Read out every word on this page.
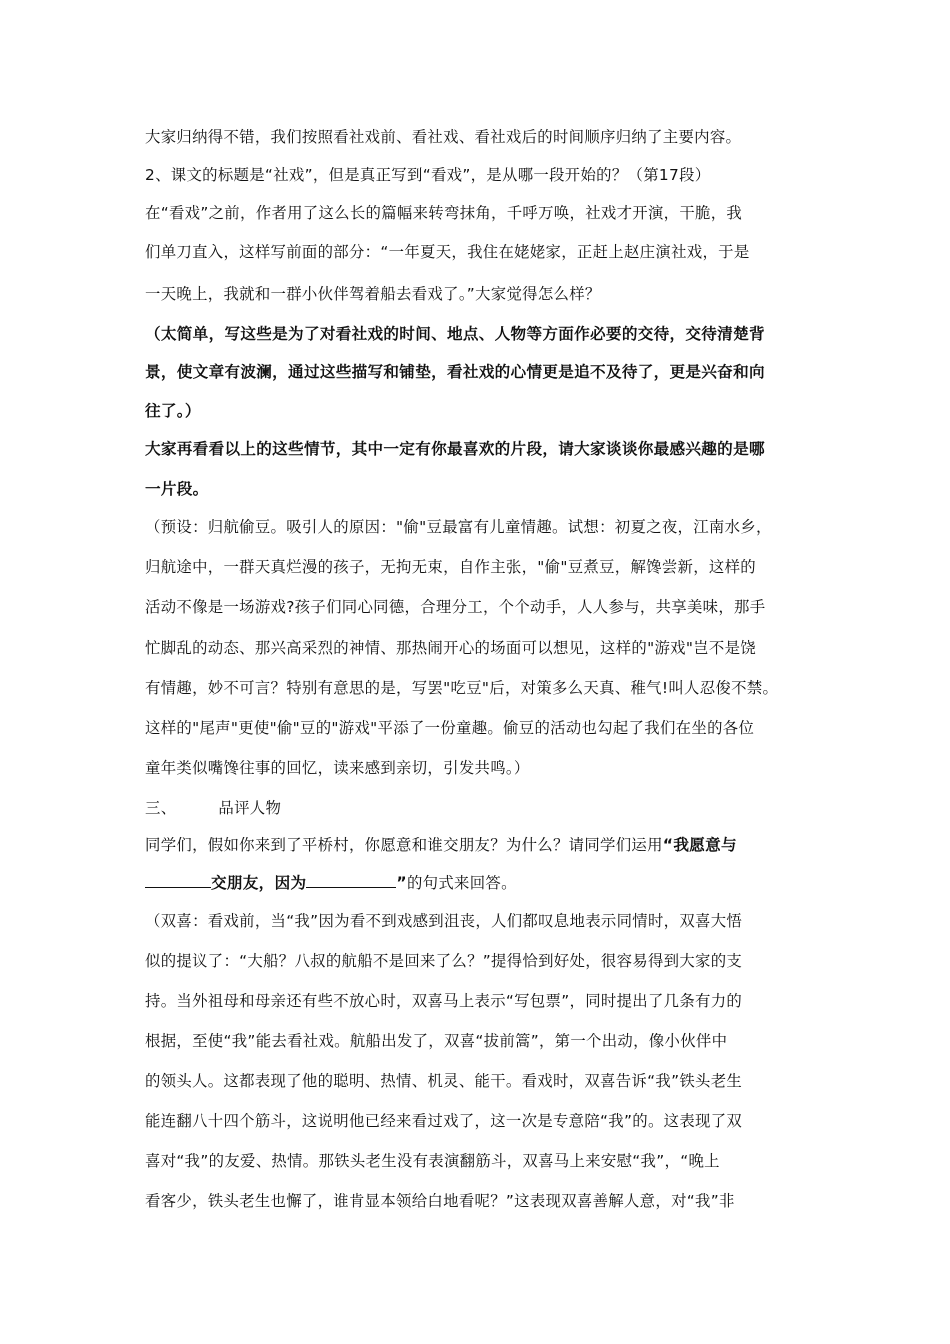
大家归纳得不错，我们按照看社戏前、看社戏、看社戏后的时间顺序归纳了主要内容。
2、课文的标题是“社戏”，但是真正写到“看戏”，是从哪一段开始的？（第17段）
在“看戏”之前，作者用了这么长的篇幅来转弯抹角，千呼万唤，社戏才开演，干脆，我
们单刀直入，这样写前面的部分：“一年夏天，我住在姥姥家，正赶上赵庄演社戏，于是
一天晚上，我就和一群小伙伴驾着船去看戏了。”大家觉得怎么样？
（太简单，写这些是为了对看社戏的时间、地点、人物等方面作必要的交待，交待清楚背
景，使文章有波澜，通过这些描写和铺垫，看社戏的心情更是追不及待了，更是兴奋和向
往了。）
大家再看看以上的这些情节，其中一定有你最喜欢的片段，请大家谈谈你最感兴趣的是哪
一片段。
（预设：归航偷豆。吸引人的原因："偷"豆最富有儿童情趣。试想：初夏之夜，江南水乡，
归航途中，一群天真烂漫的孩子，无拘无束，自作主张，"偷"豆煮豆，解馋尝新，这样的
活动不像是一场游戏?孩子们同心同德，合理分工，个个动手，人人参与，共享美味，那手
忙脚乱的动态、那兴高采烈的神情、那热闹开心的场面可以想见，这样的"游戏"岂不是饶
有情趣，妙不可言？特别有意思的是，写罢"吃豆"后，对策多么天真、稚气!叫人忍俊不禁。
这样的"尾声"更使"偷"豆的"游戏"平添了一份童趣。偷豆的活动也勾起了我们在坐的各位
童年类似嘴馋往事的回忆，读来感到亲切，引发共鸣。）
三、	品评人物
同学们，假如你来到了平桥村，你愿意和谁交朋友？为什么？请同学们运用“我愿意与
交朋友，因为	”的句式来回答。
（双喜：看戏前，当“我”因为看不到戏感到沮丧，人们都叹息地表示同情时，双喜大悟
似的提议了：“大船？八叔的航船不是回来了么？”提得恰到好处，很容易得到大家的支
持。当外祖母和母亲还有些不放心时，双喜马上表示“写包票”，同时提出了几条有力的
根据，至使“我”能去看社戏。航船出发了，双喜“拔前篙”，第一个出动，像小伙伴中
的领头人。这都表现了他的聪明、热情、机灵、能干。看戏时，双喜告诉“我”铁头老生
能连翻八十四个筋斗，这说明他已经来看过戏了，这一次是专意陪“我”的。这表现了双
喜对“我”的友爱、热情。那铁头老生没有表演翻筋斗，双喜马上来安慰“我”，“晚上
看客少，铁头老生也懈了，谁肯显本领给白地看呢？”这表现双喜善解人意，对“我”非
